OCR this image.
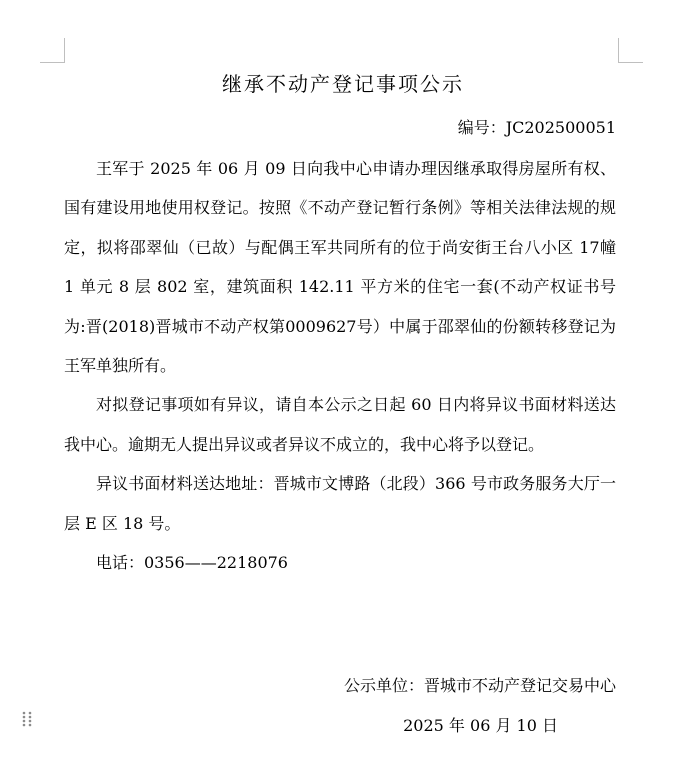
继承不动产登记事项公示
编号：JC202500051

王军于 2025 年 06 月 09 日向我中心申请办理因继承取得房屋所有权、国有建设用地使用权登记。按照《不动产登记暂行条例》等相关法律法规的规定，拟将邵翠仙（已故）与配偶王军共同所有的位于尚安街王台八小区 17幢 1 单元 8 层 802 室，建筑面积 142.11 平方米的住宅一套(不动产权证书号为:晋(2018)晋城市不动产权第0009627号）中属于邵翠仙的份额转移登记为王军单独所有。

对拟登记事项如有异议，请自本公示之日起 60 日内将异议书面材料送达我中心。逾期无人提出异议或者异议不成立的，我中心将予以登记。

异议书面材料送达地址：晋城市文博路（北段）366 号市政务服务大厅一层 E 区 18 号。

电话：0356——2218076

公示单位：晋城市不动产登记交易中心
2025 年 06 月 10 日
